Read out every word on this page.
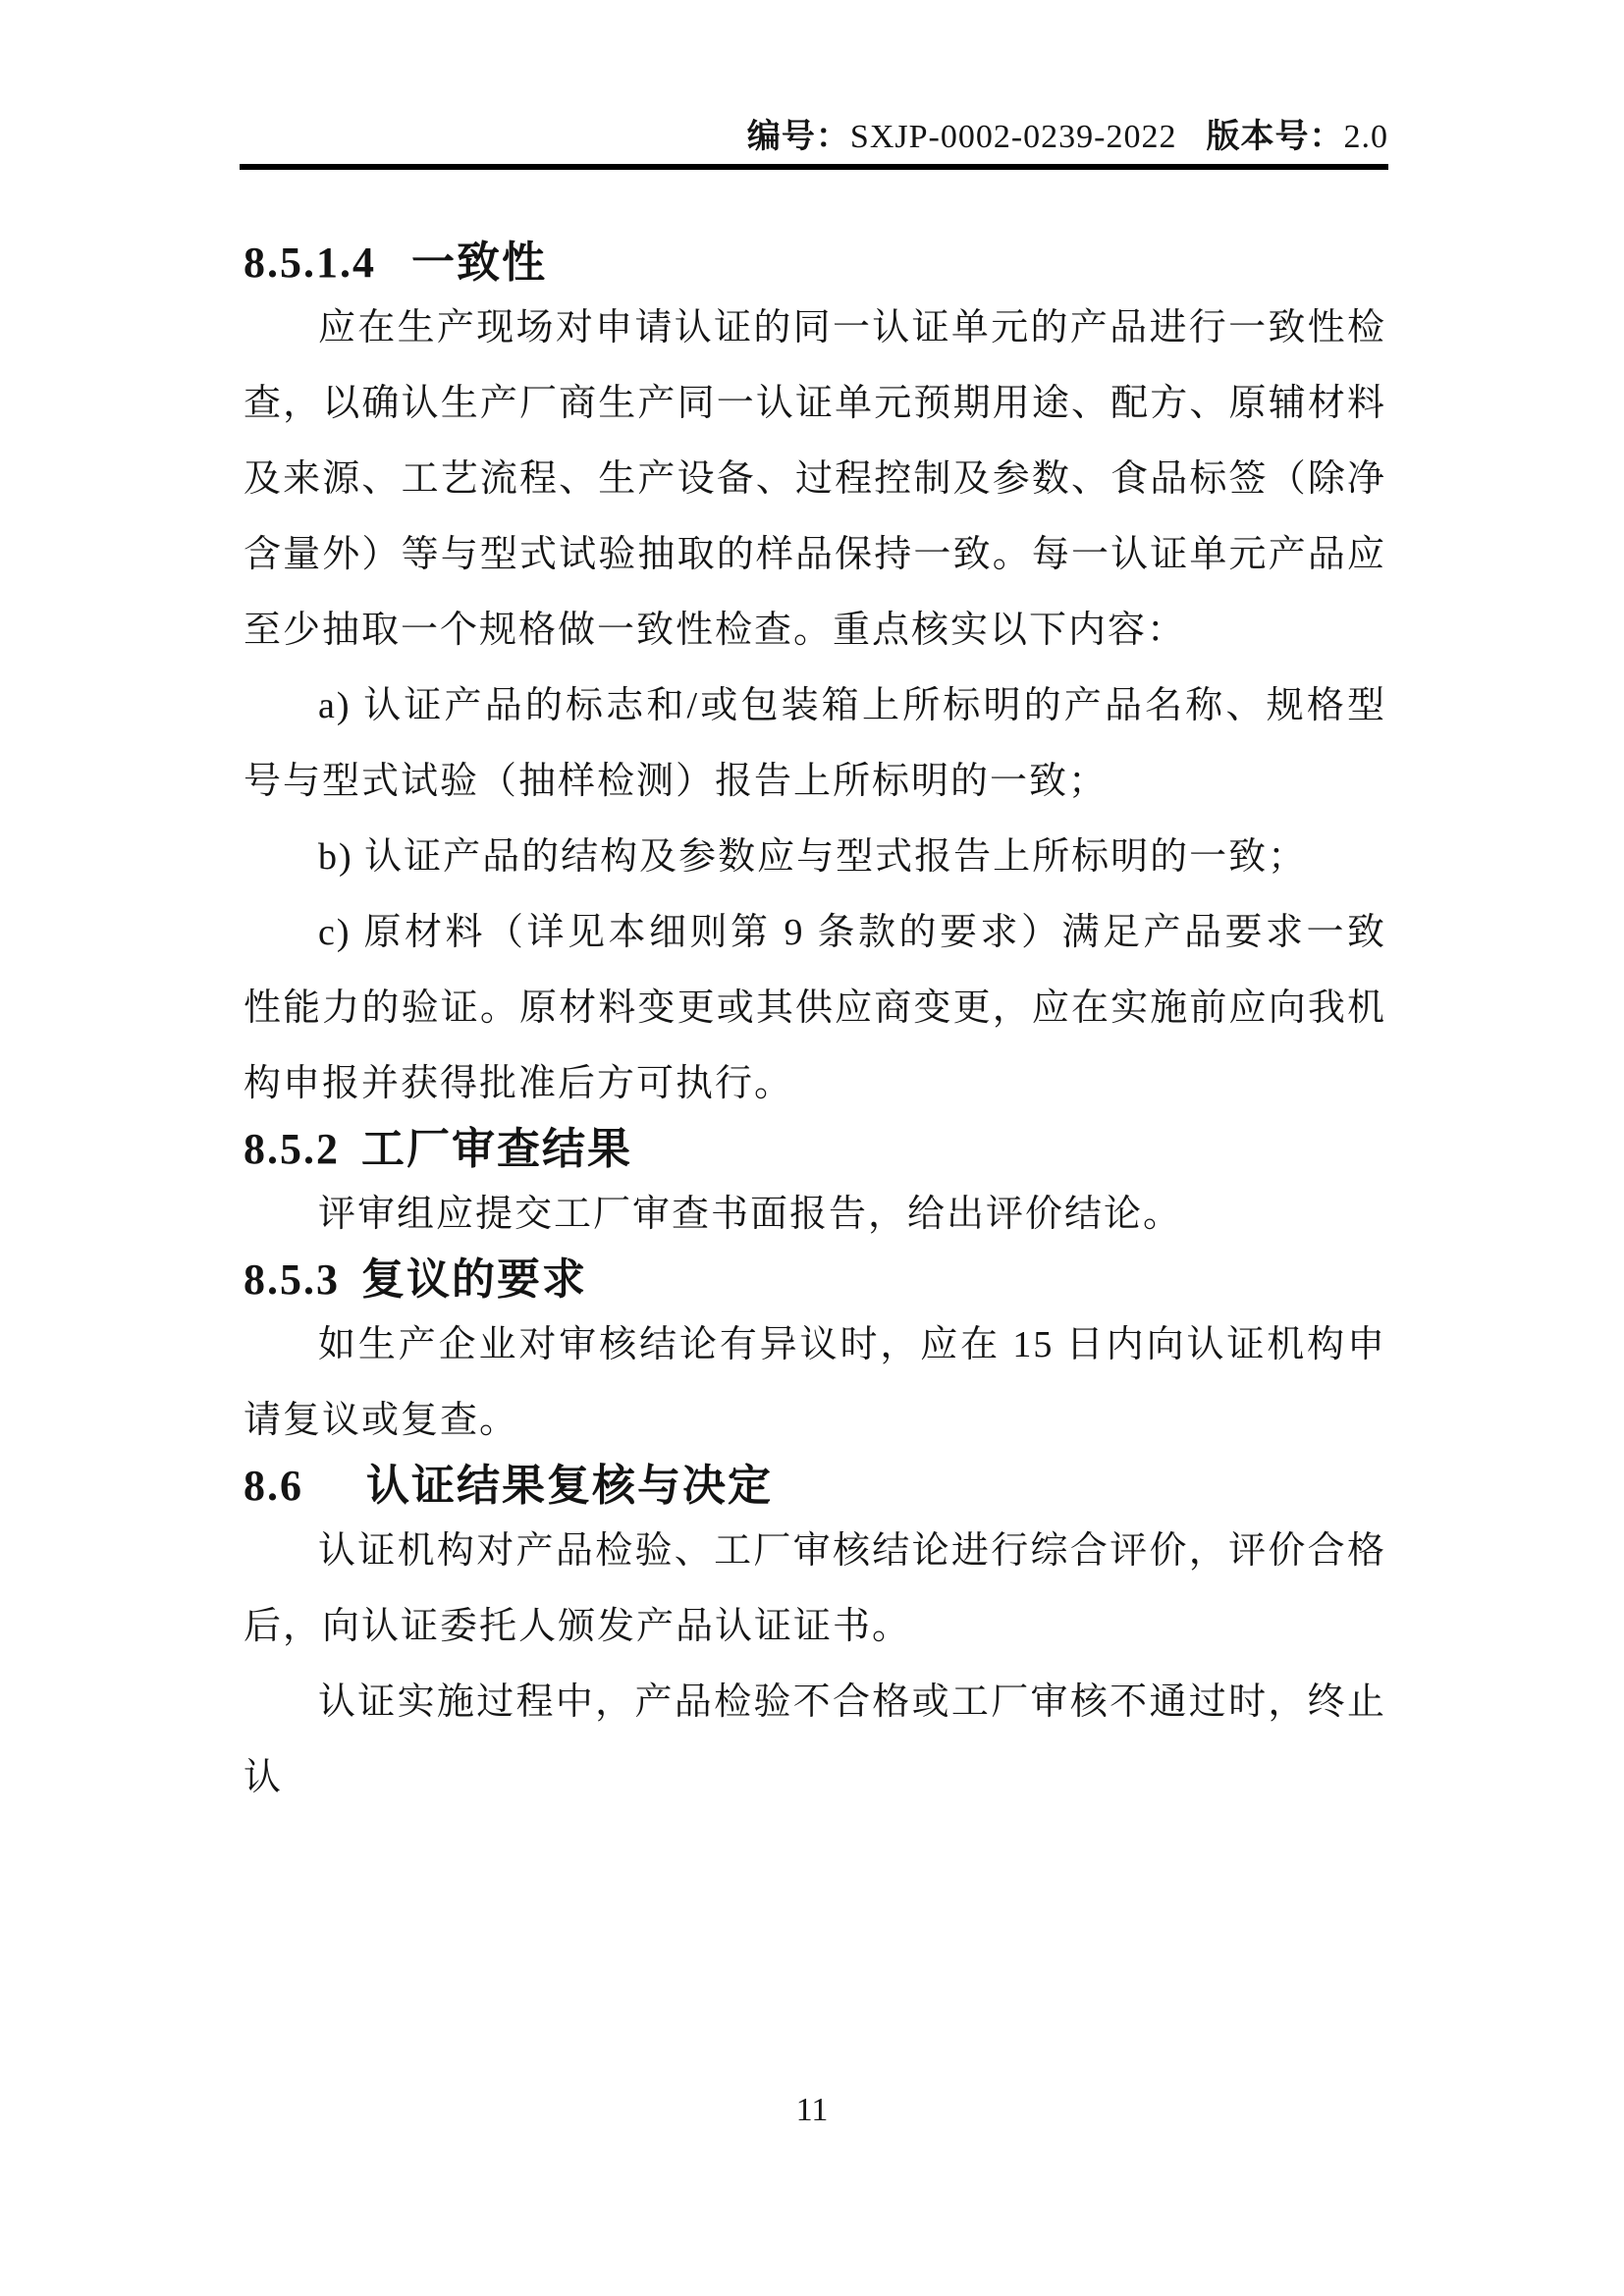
编号：SXJP-0002-0239-2022 版本号：2.0
8.5.1.4 一致性

应在生产现场对申请认证的同一认证单元的产品进行一致性检查，以确认生产厂商生产同一认证单元预期用途、配方、原辅材料及来源、工艺流程、生产设备、过程控制及参数、食品标签（除净含量外）等与型式试验抽取的样品保持一致。每一认证单元产品应至少抽取一个规格做一致性检查。重点核实以下内容：

a) 认证产品的标志和/或包装箱上所标明的产品名称、规格型号与型式试验（抽样检测）报告上所标明的一致；

b) 认证产品的结构及参数应与型式报告上所标明的一致；

c) 原材料（详见本细则第 9 条款的要求）满足产品要求一致性能力的验证。原材料变更或其供应商变更，应在实施前应向我机构申报并获得批准后方可执行。

8.5.2 工厂审查结果

评审组应提交工厂审查书面报告，给出评价结论。

8.5.3 复议的要求

如生产企业对审核结论有异议时，应在 15 日内向认证机构申请复议或复查。

8.6 认证结果复核与决定

认证机构对产品检验、工厂审核结论进行综合评价，评价合格后，向认证委托人颁发产品认证证书。

认证实施过程中，产品检验不合格或工厂审核不通过时，终止认

11
